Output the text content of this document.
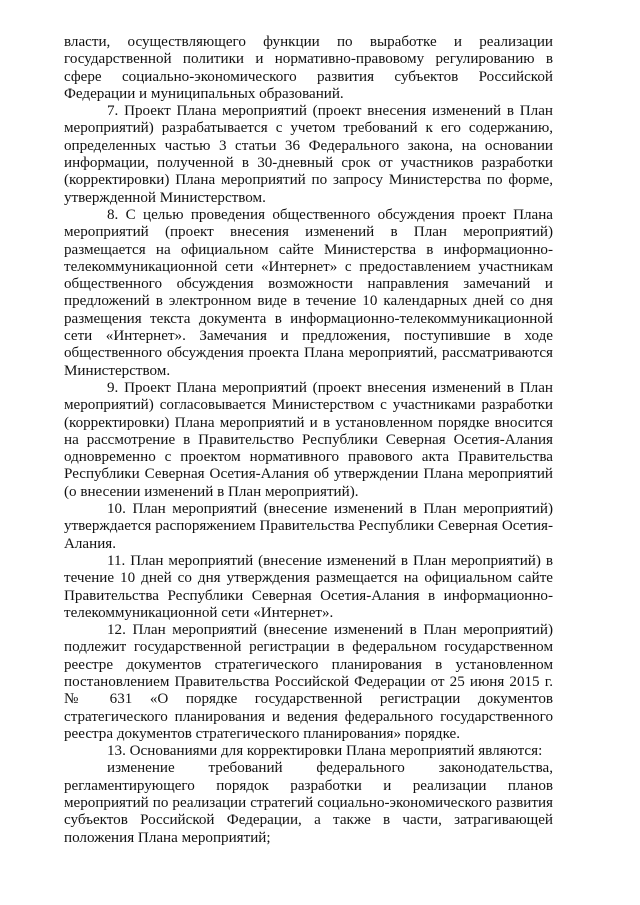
власти, осуществляющего функции по выработке и реализации государственной политики и нормативно-правовому регулированию в сфере социально-экономического развития субъектов Российской Федерации и муниципальных образований.

7. Проект Плана мероприятий (проект внесения изменений в План мероприятий) разрабатывается с учетом требований к его содержанию, определенных частью 3 статьи 36 Федерального закона, на основании информации, полученной в 30-дневный срок от участников разработки (корректировки) Плана мероприятий по запросу Министерства по форме, утвержденной Министерством.

8. С целью проведения общественного обсуждения проект Плана мероприятий (проект внесения изменений в План мероприятий) размещается на официальном сайте Министерства в информационно-телекоммуникационной сети «Интернет» с предоставлением участникам общественного обсуждения возможности направления замечаний и предложений в электронном виде в течение 10 календарных дней со дня размещения текста документа в информационно-телекоммуникационной сети «Интернет». Замечания и предложения, поступившие в ходе общественного обсуждения проекта Плана мероприятий, рассматриваются Министерством.

9. Проект Плана мероприятий (проект внесения изменений в План мероприятий) согласовывается Министерством с участниками разработки (корректировки) Плана мероприятий и в установленном порядке вносится на рассмотрение в Правительство Республики Северная Осетия-Алания одновременно с проектом нормативного правового акта Правительства Республики Северная Осетия-Алания об утверждении Плана мероприятий (о внесении изменений в План мероприятий).

10. План мероприятий (внесение изменений в План мероприятий) утверждается распоряжением Правительства Республики Северная Осетия-Алания.

11. План мероприятий (внесение изменений в План мероприятий) в течение 10 дней со дня утверждения размещается на официальном сайте Правительства Республики Северная Осетия-Алания в информационно-телекоммуникационной сети «Интернет».

12. План мероприятий (внесение изменений в План мероприятий) подлежит государственной регистрации в федеральном государственном реестре документов стратегического планирования в установленном постановлением Правительства Российской Федерации от 25 июня 2015 г. № 631 «О порядке государственной регистрации документов стратегического планирования и ведения федерального государственного реестра документов стратегического планирования» порядке.

13. Основаниями для корректировки Плана мероприятий являются:

изменение требований федерального законодательства, регламентирующего порядок разработки и реализации планов мероприятий по реализации стратегий социально-экономического развития субъектов Российской Федерации, а также в части, затрагивающей положения Плана мероприятий;
